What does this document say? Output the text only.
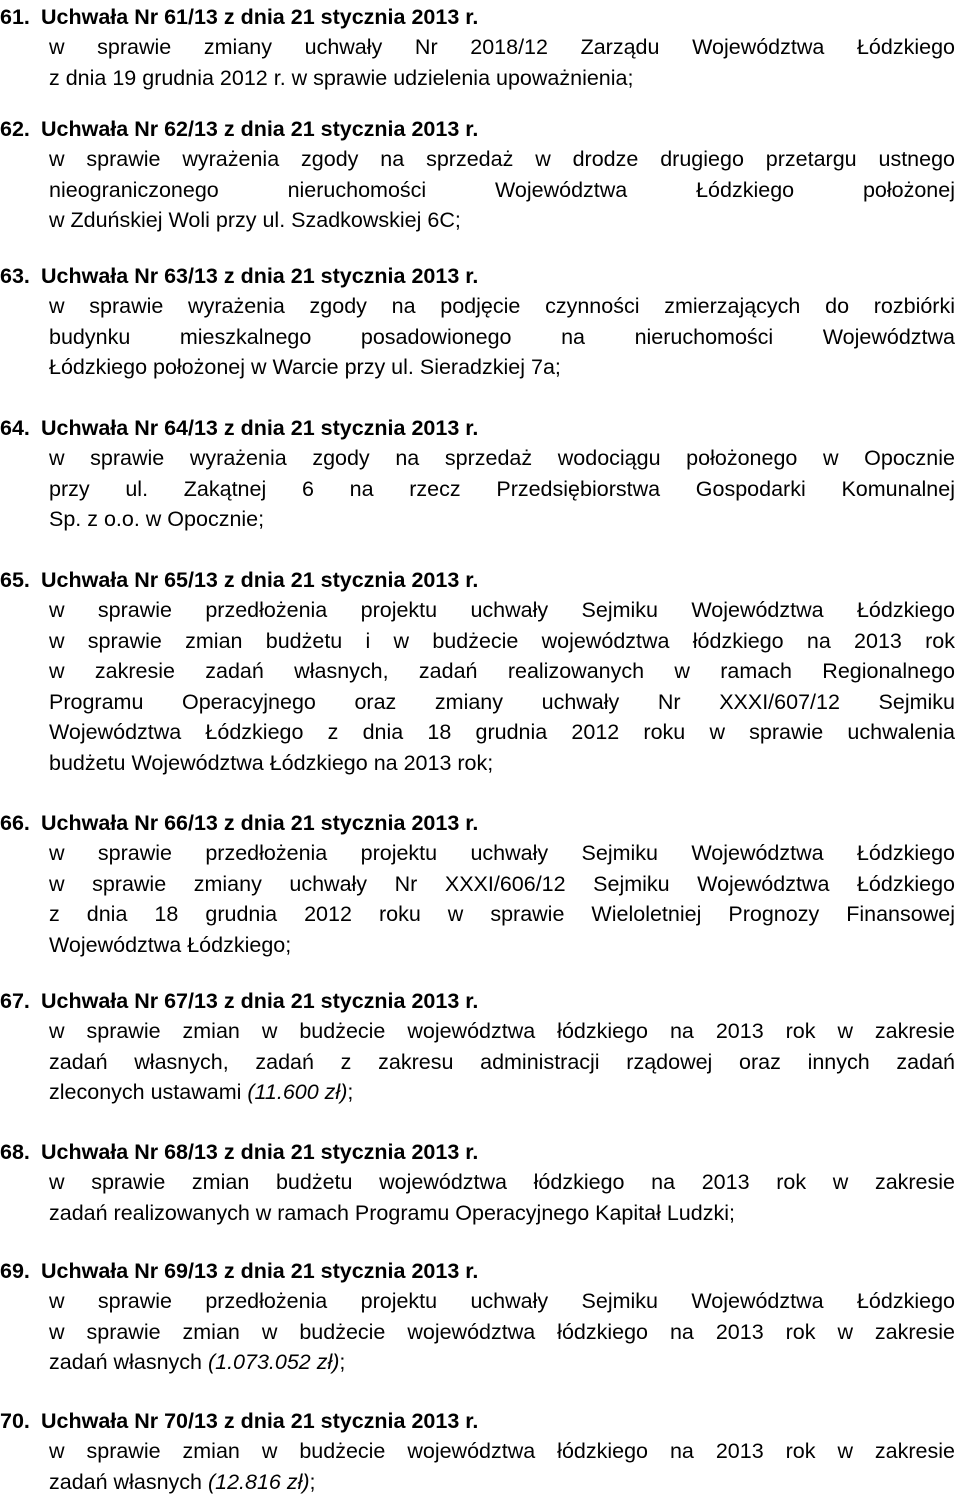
61. Uchwała Nr 61/13 z dnia 21 stycznia 2013 r.
w sprawie zmiany uchwały Nr 2018/12 Zarządu Województwa Łódzkiego
z dnia 19 grudnia 2012 r. w sprawie udzielenia upoważnienia;
62. Uchwała Nr 62/13 z dnia 21 stycznia 2013 r.
w sprawie wyrażenia zgody na sprzedaż w drodze drugiego przetargu ustnego
nieograniczonego nieruchomości Województwa Łódzkiego położonej
w Zduńskiej Woli przy ul. Szadkowskiej 6C;
63. Uchwała Nr 63/13 z dnia 21 stycznia 2013 r.
w sprawie wyrażenia zgody na podjęcie czynności zmierzających do rozbiórki
budynku mieszkalnego posadowionego na nieruchomości Województwa
Łódzkiego położonej w Warcie przy ul. Sieradzkiej 7a;
64. Uchwała Nr 64/13 z dnia 21 stycznia 2013 r.
w sprawie wyrażenia zgody na sprzedaż wodociągu położonego w Opocznie
przy ul. Zakątnej 6 na rzecz Przedsiębiorstwa Gospodarki Komunalnej
Sp. z o.o. w Opocznie;
65. Uchwała Nr 65/13 z dnia 21 stycznia 2013 r.
w sprawie przedłożenia projektu uchwały Sejmiku Województwa Łódzkiego
w sprawie zmian budżetu i w budżecie województwa łódzkiego na 2013 rok
w zakresie zadań własnych, zadań realizowanych w ramach Regionalnego
Programu Operacyjnego oraz zmiany uchwały Nr XXXI/607/12 Sejmiku
Województwa Łódzkiego z dnia 18 grudnia 2012 roku w sprawie uchwalenia
budżetu Województwa Łódzkiego na 2013 rok;
66. Uchwała Nr 66/13 z dnia 21 stycznia 2013 r.
w sprawie przedłożenia projektu uchwały Sejmiku Województwa Łódzkiego
w sprawie zmiany uchwały Nr XXXI/606/12 Sejmiku Województwa Łódzkiego
z dnia 18 grudnia 2012 roku w sprawie Wieloletniej Prognozy Finansowej
Województwa Łódzkiego;
67. Uchwała Nr 67/13 z dnia 21 stycznia 2013 r.
w sprawie zmian w budżecie województwa łódzkiego na 2013 rok w zakresie
zadań własnych, zadań z zakresu administracji rządowej oraz innych zadań
zleconych ustawami (11.600 zł);
68. Uchwała Nr 68/13 z dnia 21 stycznia 2013 r.
w sprawie zmian budżetu województwa łódzkiego na 2013 rok w zakresie
zadań realizowanych w ramach Programu Operacyjnego Kapitał Ludzki;
69. Uchwała Nr 69/13 z dnia 21 stycznia 2013 r.
w sprawie przedłożenia projektu uchwały Sejmiku Województwa Łódzkiego
w sprawie zmian w budżecie województwa łódzkiego na 2013 rok w zakresie
zadań własnych (1.073.052 zł);
70. Uchwała Nr 70/13 z dnia 21 stycznia 2013 r.
w sprawie zmian w budżecie województwa łódzkiego na 2013 rok w zakresie
zadań własnych (12.816 zł);
